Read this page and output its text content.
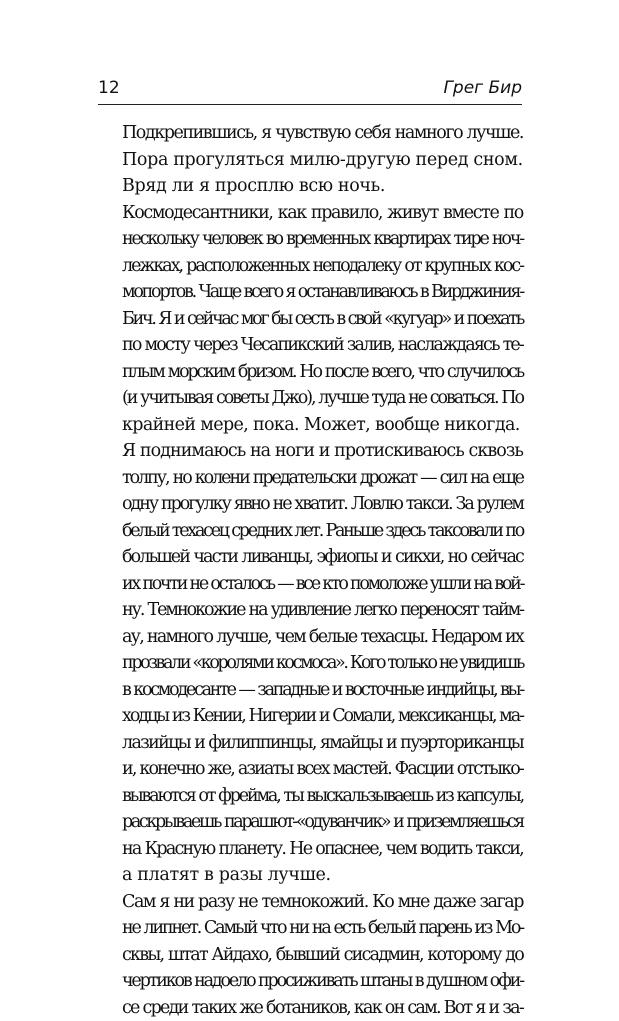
12	Грег Бир

Подкрепившись, я чувствую себя намного лучше.
Пора прогуляться милю-другую перед сном.

Вряд ли я просплю всю ночь.

Космодесантники, как правило, живут вместе по
нескольку человек во временных квартирах тире ноч-
лежках, расположенных неподалеку от крупных кос-
мопортов. Чаще всего я останавливаюсь в Вирджиния-
Бич. Я и сейчас мог бы сесть в свой «кугуар» и поехать
по мосту через Чесапикский залив, наслаждаясь те-
плым морским бризом. Но после всего, что случилось
(и учитывая советы Джо), лучше туда не соваться. По
крайней мере, пока. Может, вообще никогда.

Я поднимаюсь на ноги и протискиваюсь сквозь
толпу, но колени предательски дрожат — сил на еще
одну прогулку явно не хватит. Ловлю такси. За рулем
белый техасец средних лет. Раньше здесь таксовали по
большей части ливанцы, эфиопы и сикхи, но сейчас
их почти не осталось — все кто помоложе ушли на вой-
ну. Темнокожие на удивление легко переносят тайм-
ау, намного лучше, чем белые техасцы. Недаром их
прозвали «королями космоса». Кого только не увидишь
в космодесанте — западные и восточные индийцы, вы-
ходцы из Кении, Нигерии и Сомали, мексиканцы, ма-
лазийцы и филиппинцы, ямайцы и пуэрториканцы
и, конечно же, азиаты всех мастей. Фасции отстыко-
вываются от фрейма, ты выскальзываешь из капсулы,
раскрываешь парашют-«одуванчик» и приземляешься
на Красную планету. Не опаснее, чем водить такси,
а платят в разы лучше.

Сам я ни разу не темнокожий. Ко мне даже загар
не липнет. Самый что ни на есть белый парень из Мо-
сквы, штат Айдахо, бывший сисадмин, которому до
чертиков надоело просиживать штаны в душном офи-
се среди таких же ботаников, как он сам. Вот я и за-
